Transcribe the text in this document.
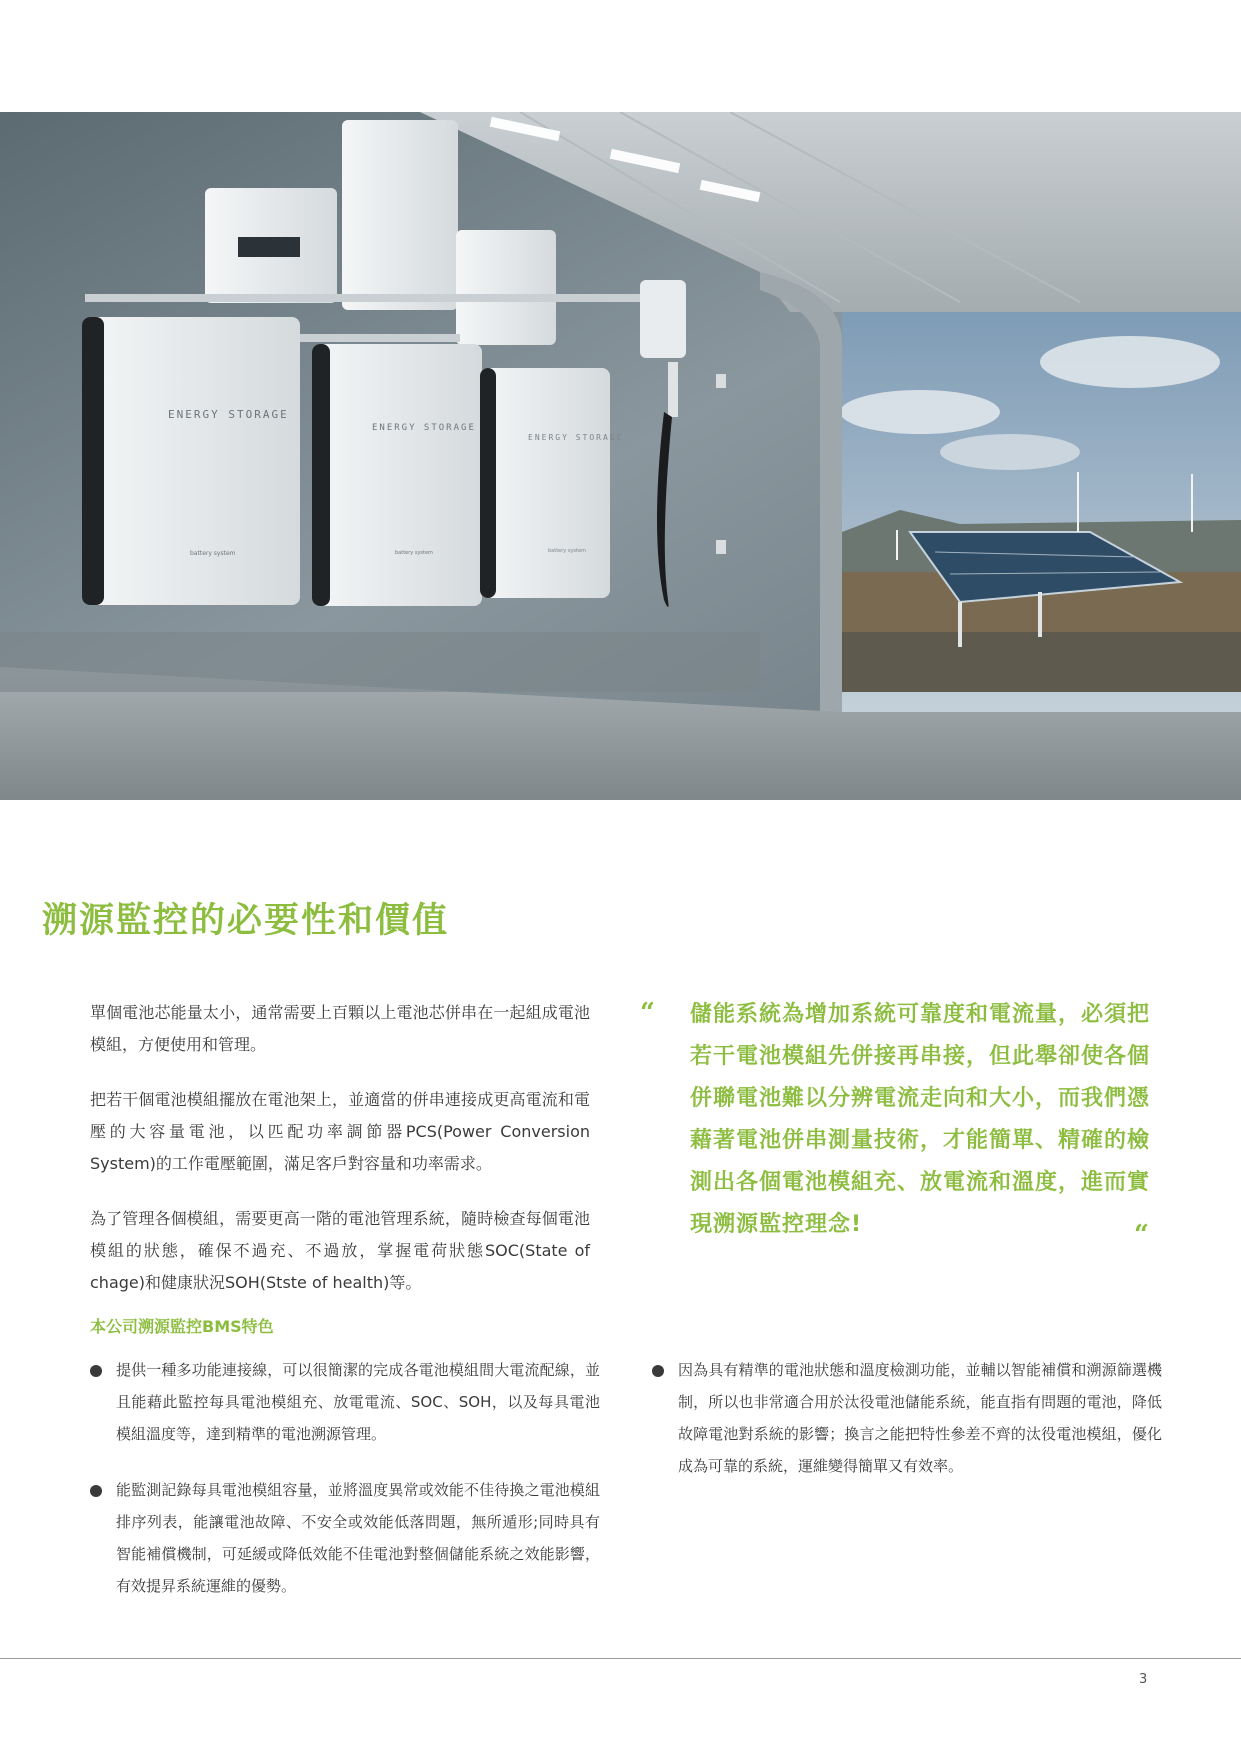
ENERGY STORAGE
ENERGY STORAGE
ENERGY STORAGE
battery system	battery system	battery system
溯源監控的必要性和價值

單個電池芯能量太小，通常需要上百顆以上電池芯併串在一起組成電池模組，方便使用和管理。

把若干個電池模組擺放在電池架上，並適當的併串連接成更高電流和電壓的大容量電池，以匹配功率調節器PCS(Power Conversion System)的工作電壓範圍，滿足客戶對容量和功率需求。

為了管理各個模組，需要更高一階的電池管理系統，隨時檢查每個電池模組的狀態，確保不過充、不過放，掌握電荷狀態SOC(State of chage)和健康狀況SOH(Stste of health)等。

“ 儲能系統為增加系統可靠度和電流量，必須把若干電池模組先併接再串接，但此舉卻使各個併聯電池難以分辨電流走向和大小，而我們憑藉著電池併串測量技術，才能簡單、精確的檢測出各個電池模組充、放電流和溫度，進而實現溯源監控理念!	“
本公司溯源監控BMS特色
提供一種多功能連接線，可以很簡潔的完成各電池模組間大電流配線，並且能藉此監控每具電池模組充、放電電流、SOC、SOH，以及每具電池模組溫度等，達到精準的電池溯源管理。
能監測記錄每具電池模組容量，並將溫度異常或效能不佳待換之電池模組排序列表，能讓電池故障、不安全或效能低落問題，無所遁形;同時具有智能補償機制，可延緩或降低效能不佳電池對整個儲能系統之效能影響，有效提昇系統運維的優勢。
因為具有精準的電池狀態和溫度檢測功能，並輔以智能補償和溯源篩選機制，所以也非常適合用於汰役電池儲能系統，能直指有問題的電池，降低故障電池對系統的影響；換言之能把特性參差不齊的汰役電池模組，優化成為可靠的系統，運維變得簡單又有效率。
3
